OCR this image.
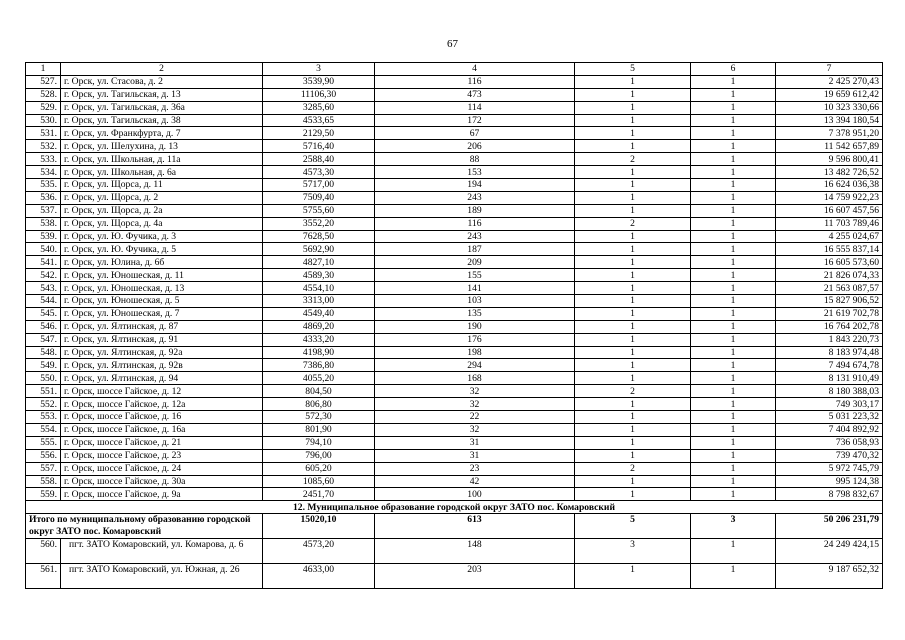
67
1	2	3	4	5	6	7
527.	г. Орск, ул. Стасова, д. 2	3539,90	116	1	1	2 425 270,43
528.	г. Орск, ул. Тагильская, д. 13	11106,30	473	1	1	19 659 612,42
529.	г. Орск, ул. Тагильская, д. 36а	3285,60	114	1	1	10 323 330,66
530.	г. Орск, ул. Тагильская, д. 38	4533,65	172	1	1	13 394 180,54
531.	г. Орск, ул. Франкфурта, д. 7	2129,50	67	1	1	7 378 951,20
532.	г. Орск, ул. Шелухина, д. 13	5716,40	206	1	1	11 542 657,89
533.	г. Орск, ул. Школьная, д. 11а	2588,40	88	2	1	9 596 800,41
534.	г. Орск, ул. Школьная, д. 6а	4573,30	153	1	1	13 482 726,52
535.	г. Орск, ул. Щорса, д. 11	5717,00	194	1	1	16 624 036,38
536.	г. Орск, ул. Щорса, д. 2	7509,40	243	1	1	14 759 922,23
537.	г. Орск, ул. Щорса, д. 2а	5755,60	189	1	1	16 607 457,56
538.	г. Орск, ул. Щорса, д. 4а	3552,20	116	2	1	11 703 789,46
539.	г. Орск, ул. Ю. Фучика, д. 3	7628,50	243	1	1	4 255 024,67
540.	г. Орск, ул. Ю. Фучика, д. 5	5692,90	187	1	1	16 555 837,14
541.	г. Орск, ул. Юлина, д. 6б	4827,10	209	1	1	16 605 573,60
542.	г. Орск, ул. Юношеская, д. 11	4589,30	155	1	1	21 826 074,33
543.	г. Орск, ул. Юношеская, д. 13	4554,10	141	1	1	21 563 087,57
544.	г. Орск, ул. Юношеская, д. 5	3313,00	103	1	1	15 827 906,52
545.	г. Орск, ул. Юношеская, д. 7	4549,40	135	1	1	21 619 702,78
546.	г. Орск, ул. Ялтинская, д. 87	4869,20	190	1	1	16 764 202,78
547.	г. Орск, ул. Ялтинская, д. 91	4333,20	176	1	1	1 843 220,73
548.	г. Орск, ул. Ялтинская, д. 92а	4198,90	198	1	1	8 183 974,48
549.	г. Орск, ул. Ялтинская, д. 92в	7386,80	294	1	1	7 494 674,78
550.	г. Орск, ул. Ялтинская, д. 94	4055,20	168	1	1	8 131 910,49
551.	г. Орск, шоссе Гайское, д. 12	804,50	32	2	1	8 180 388,03
552.	г. Орск, шоссе Гайское, д. 12а	806,80	32	1	1	749 303,17
553.	г. Орск, шоссе Гайское, д. 16	572,30	22	1	1	5 031 223,32
554.	г. Орск, шоссе Гайское, д. 16а	801,90	32	1	1	7 404 892,92
555.	г. Орск, шоссе Гайское, д. 21	794,10	31	1	1	736 058,93
556.	г. Орск, шоссе Гайское, д. 23	796,00	31	1	1	739 470,32
557.	г. Орск, шоссе Гайское, д. 24	605,20	23	2	1	5 972 745,79
558.	г. Орск, шоссе Гайское, д. 30а	1085,60	42	1	1	995 124,38
559.	г. Орск, шоссе Гайское, д. 9а	2451,70	100	1	1	8 798 832,67
12. Муниципальное образование городской округ ЗАТО пос. Комаровский						
Итого по муниципальному образованию городской округ ЗАТО пос. Комаровский		15020,10	613	5	3	50 206 231,79
560.	пгт. ЗАТО Комаровский, ул. Комарова, д. 6	4573,20	148	3	1	24 249 424,15
561.	пгт. ЗАТО Комаровский, ул. Южная, д. 26	4633,00	203	1	1	9 187 652,32
